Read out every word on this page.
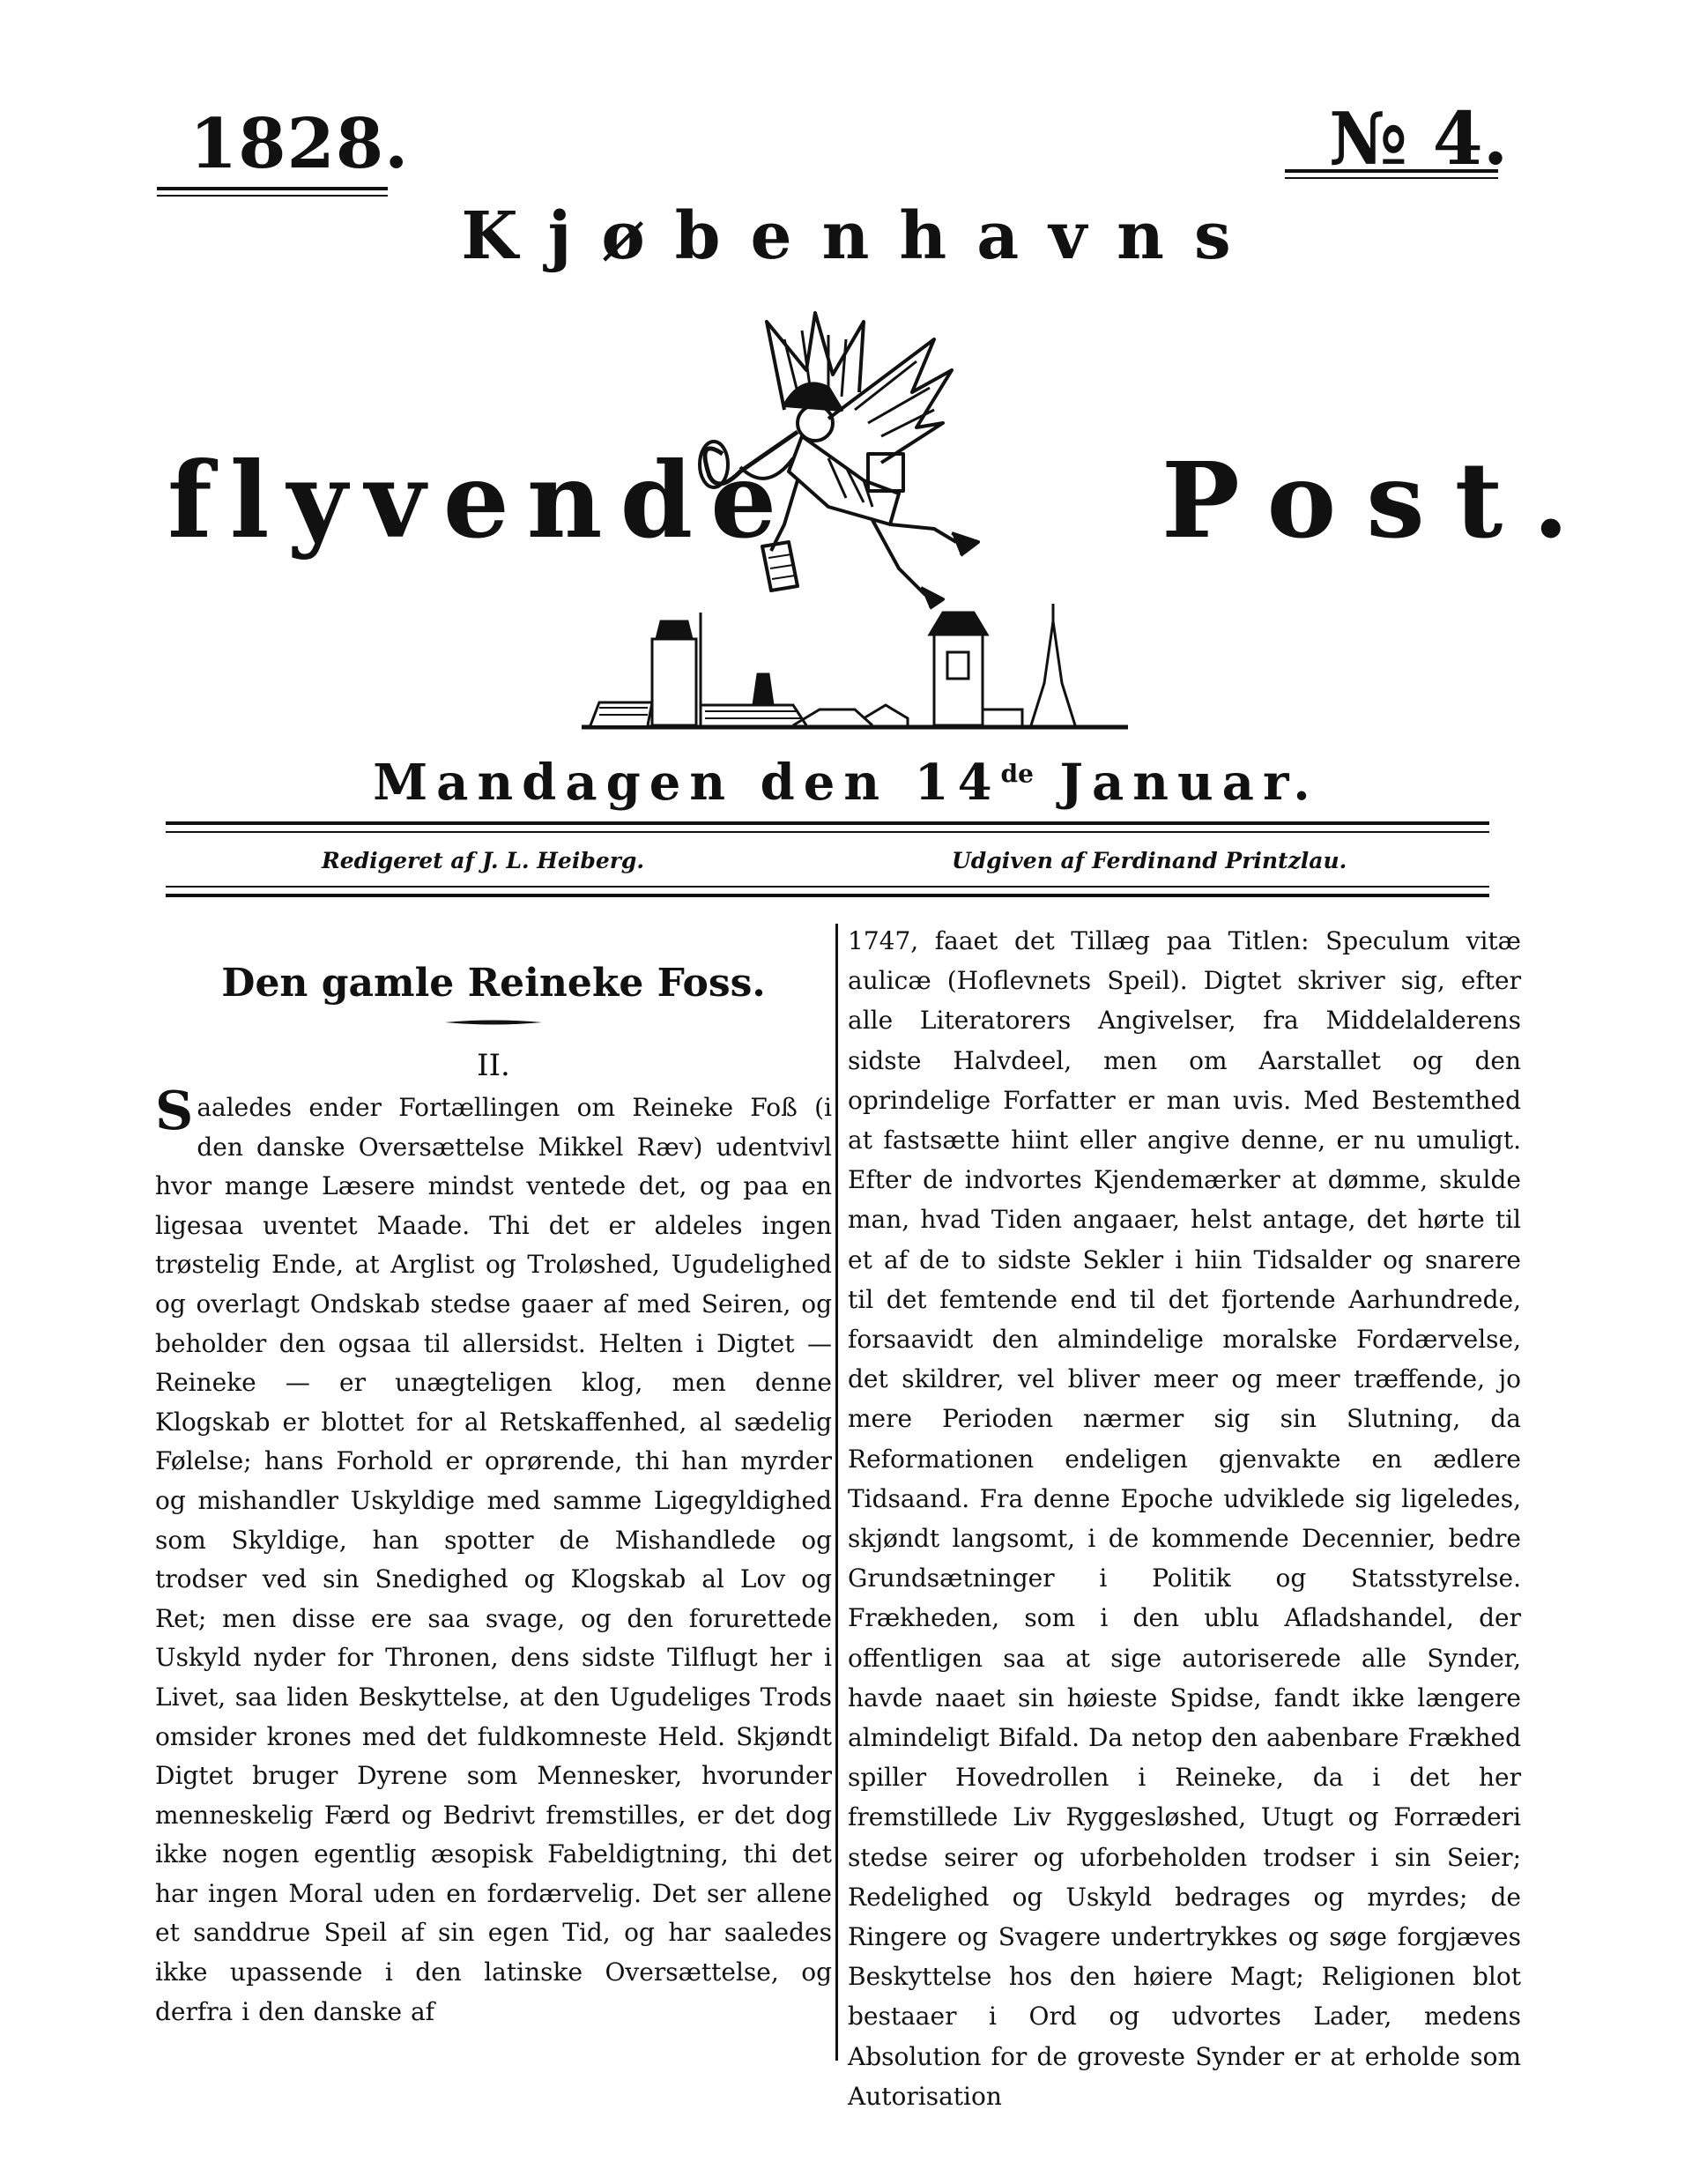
1828.	№ 4.
Kjøbenhavns
flyvende	Post.
Mandagen den 14de Januar.
Redigeret af J. L. Heiberg.	Udgiven af Ferdinand Printzlau.
Den gamle Reineke Foss.
II.

Saaledes ender Fortællingen om Reineke Foß (i den danske Oversættelse Mikkel Ræv) udentvivl hvor mange Læsere mindst ventede det, og paa en ligesaa uventet Maade. Thi det er aldeles ingen trøstelig Ende, at Arglist og Troløshed, Ugudelighed og overlagt Ondskab stedse gaaer af med Seiren, og beholder den ogsaa til allersidst. Helten i Digtet — Reineke — er unægteligen klog, men denne Klogskab er blottet for al Retskaffenhed, al sædelig Følelse; hans Forhold er oprørende, thi han myrder og mishandler Uskyldige med samme Ligegyldighed som Skyldige, han spotter de Mishandlede og trodser ved sin Snedighed og Klogskab al Lov og Ret; men disse ere saa svage, og den forurettede Uskyld nyder for Thronen, dens sidste Tilflugt her i Livet, saa liden Beskyttelse, at den Ugudeliges Trods omsider krones med det fuldkomneste Held. Skjøndt Digtet bruger Dyrene som Mennesker, hvorunder menneskelig Færd og Bedrivt fremstilles, er det dog ikke nogen egentlig æsopisk Fabeldigtning, thi det har ingen Moral uden en fordærvelig. Det ser allene et sanddrue Speil af sin egen Tid, og har saaledes ikke upassende i den latinske Oversættelse, og derfra i den danske af

1747, faaet det Tillæg paa Titlen: Speculum vitæ aulicæ (Hoflevnets Speil). Digtet skriver sig, efter alle Literatorers Angivelser, fra Middelalderens sidste Halvdeel, men om Aarstallet og den oprindelige Forfatter er man uvis. Med Bestemthed at fastsætte hiint eller angive denne, er nu umuligt. Efter de indvortes Kjendemærker at dømme, skulde man, hvad Tiden angaaer, helst antage, det hørte til et af de to sidste Sekler i hiin Tidsalder og snarere til det femtende end til det fjortende Aarhundrede, forsaavidt den almindelige moralske Fordærvelse, det skildrer, vel bliver meer og meer træffende, jo mere Perioden nærmer sig sin Slutning, da Reformationen endeligen gjenvakte en ædlere Tidsaand. Fra denne Epoche udviklede sig ligeledes, skjøndt langsomt, i de kommende Decennier, bedre Grundsætninger i Politik og Statsstyrelse. Frækheden, som i den ublu Afladshandel, der offentligen saa at sige autoriserede alle Synder, havde naaet sin høieste Spidse, fandt ikke længere almindeligt Bifald. Da netop den aabenbare Frækhed spiller Hovedrollen i Reineke, da i det her fremstillede Liv Ryggesløshed, Utugt og Forræderi stedse seirer og uforbeholden trodser i sin Seier; Redelighed og Uskyld bedrages og myrdes; de Ringere og Svagere undertrykkes og søge forgjæves Beskyttelse hos den høiere Magt; Religionen blot bestaaer i Ord og udvortes Lader, medens Absolution for de groveste Synder er at erholde som Autorisation
